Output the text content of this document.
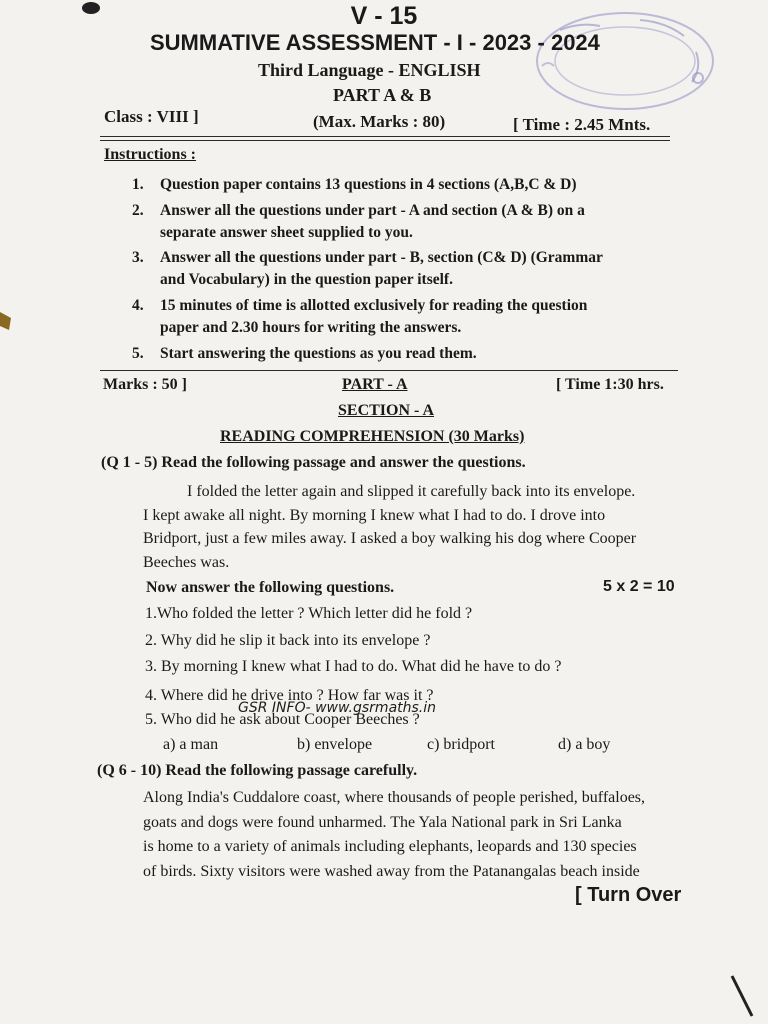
V - 15
SUMMATIVE ASSESSMENT - I - 2023 - 2024
Third Language - ENGLISH
PART A & B
Class : VIII ]	(Max. Marks : 80)	[ Time : 2.45 Mnts.
Instructions :
1.	Question paper contains 13 questions in 4 sections (A,B,C & D)
2.	Answer all the questions under part - A and section (A & B) on a
separate answer sheet supplied to you.
3.	Answer all the questions under part - B, section (C& D) (Grammar
and Vocabulary) in the question paper itself.
4.	15 minutes of time is allotted exclusively for reading the question
paper and 2.30 hours for writing the answers.
5.	Start answering the questions as you read them.
Marks : 50 ]	PART - A	[ Time 1:30 hrs.
SECTION - A
READING COMPREHENSION (30 Marks)
(Q 1 - 5) Read the following passage and answer the questions.
I folded the letter again and slipped it carefully back into its envelope.
I kept awake all night. By morning I knew what I had to do. I drove into
Bridport, just a few miles away. I asked a boy walking his dog where Cooper
Beeches was.
Now answer the following questions.	5 x 2 = 10
1.Who folded the letter ? Which letter did he fold ?
2. Why did he slip it back into its envelope ?
3. By morning I knew what I had to do. What did he have to do ?
4. Where did he drive into ? How far was it ?
5. Who did he ask about Cooper Beeches ?
GSR INFO- www.gsrmaths.in
a) a man	b) envelope	c) bridport	d) a boy
(Q 6 - 10) Read the following passage carefully.
Along India's Cuddalore coast, where thousands of people perished, buffaloes,
goats and dogs were found unharmed. The Yala National park in Sri Lanka
is home to a variety of animals including elephants, leopards and 130 species
of birds. Sixty visitors were washed away from the Patanangalas beach inside
[ Turn Over
